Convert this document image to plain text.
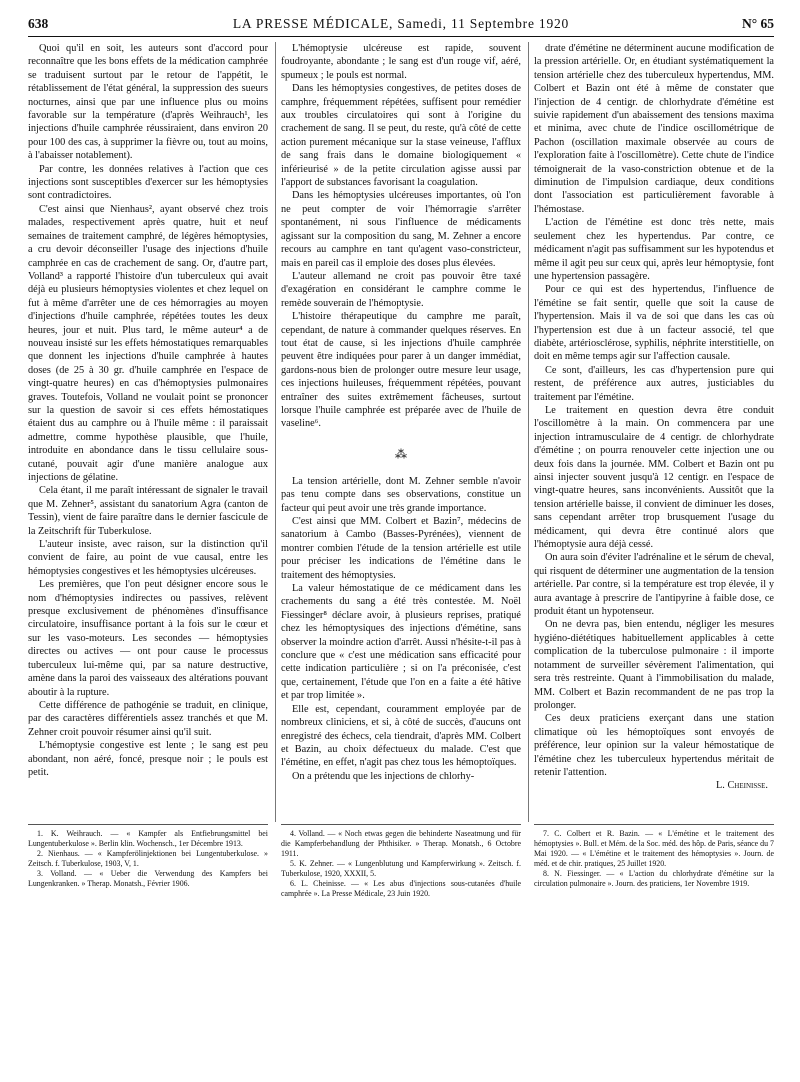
638	LA PRESSE MÉDICALE, Samedi, 11 Septembre 1920	N° 65

Quoi qu'il en soit, les auteurs sont d'accord pour reconnaître que les bons effets de la médication camphrée se traduisent surtout par le retour de l'appétit, le rétablissement de l'état général, la suppression des sueurs nocturnes, ainsi que par une influence plus ou moins favorable sur la température (d'après Weihrauch¹, les injections d'huile camphrée réussiraient, dans environ 20 pour 100 des cas, à supprimer la fièvre ou, tout au moins, à l'abaisser notablement).

Par contre, les données relatives à l'action que ces injections sont susceptibles d'exercer sur les hémoptysies sont contradictoires.

C'est ainsi que Nienhaus², ayant observé chez trois malades, respectivement après quatre, huit et neuf semaines de traitement camphré, de légères hémoptysies, a cru devoir déconseiller l'usage des injections d'huile camphrée en cas de crachement de sang. Or, d'autre part, Volland³ a rapporté l'histoire d'un tuberculeux qui avait déjà eu plusieurs hémoptysies violentes et chez lequel on fut à même d'arrêter une de ces hémorragies au moyen d'injections d'huile camphrée, répétées toutes les deux heures, jour et nuit. Plus tard, le même auteur⁴ a de nouveau insisté sur les effets hémostatiques remarquables que donnent les injections d'huile camphrée à hautes doses (de 25 à 30 gr. d'huile camphrée en l'espace de vingt-quatre heures) en cas d'hémoptysies pulmonaires graves. Toutefois, Volland ne voulait point se prononcer sur la question de savoir si ces effets hémostatiques étaient dus au camphre ou à l'huile même : il paraissait admettre, comme hypothèse plausible, que l'huile, introduite en abondance dans le tissu cellulaire sous-cutané, pouvait agir d'une manière analogue aux injections de gélatine.

Cela étant, il me paraît intéressant de signaler le travail que M. Zehner⁵, assistant du sanatorium Agra (canton de Tessin), vient de faire paraître dans le dernier fascicule de la Zeitschrift für Tuberkulose.

L'auteur insiste, avec raison, sur la distinction qu'il convient de faire, au point de vue causal, entre les hémoptysies congestives et les hémoptysies ulcéreuses.

Les premières, que l'on peut désigner encore sous le nom d'hémoptysies indirectes ou passives, relèvent presque exclusivement de phénomènes d'insuffisance circulatoire, insuffisance portant à la fois sur le cœur et sur les vaso-moteurs. Les secondes — hémoptysies directes ou actives — ont pour cause le processus tuberculeux lui-même qui, par sa nature destructive, amène dans la paroi des vaisseaux des altérations pouvant aboutir à la rupture.

Cette différence de pathogénie se traduit, en clinique, par des caractères différentiels assez tranchés et que M. Zehner croit pouvoir résumer ainsi qu'il suit.

L'hémoptysie congestive est lente ; le sang est peu abondant, non aéré, foncé, presque noir ; le pouls est petit.

L'hémoptysie ulcéreuse est rapide, souvent foudroyante, abondante ; le sang est d'un rouge vif, aéré, spumeux ; le pouls est normal.

Dans les hémoptysies congestives, de petites doses de camphre, fréquemment répétées, suffisent pour remédier aux troubles circulatoires qui sont à l'origine du crachement de sang. Il se peut, du reste, qu'à côté de cette action purement mécanique sur la stase veineuse, l'afflux de sang frais dans le domaine biologiquement « inférieurisé » de la petite circulation agisse aussi par l'apport de substances favorisant la coagulation.

Dans les hémoptysies ulcéreuses importantes, où l'on ne peut compter de voir l'hémorragie s'arrêter spontanément, ni sous l'influence de médicaments agissant sur la composition du sang, M. Zehner a encore recours au camphre en tant qu'agent vaso-constricteur, mais en pareil cas il emploie des doses plus élevées.

L'auteur allemand ne croit pas pouvoir être taxé d'exagération en considérant le camphre comme le remède souverain de l'hémoptysie.

L'histoire thérapeutique du camphre me paraît, cependant, de nature à commander quelques réserves. En tout état de cause, si les injections d'huile camphrée peuvent être indiquées pour parer à un danger immédiat, gardons-nous bien de prolonger outre mesure leur usage, ces injections huileuses, fréquemment répétées, pouvant entraîner des suites extrêmement fâcheuses, surtout lorsque l'huile camphrée est préparée avec de l'huile de vaseline⁶.

⁂

La tension artérielle, dont M. Zehner semble n'avoir pas tenu compte dans ses observations, constitue un facteur qui peut avoir une très grande importance.

C'est ainsi que MM. Colbert et Bazin⁷, médecins de sanatorium à Cambo (Basses-Pyrénées), viennent de montrer combien l'étude de la tension artérielle est utile pour préciser les indications de l'émétine dans le traitement des hémoptysies.

La valeur hémostatique de ce médicament dans les crachements du sang a été très contestée. M. Noël Fiessinger⁸ déclare avoir, à plusieurs reprises, pratiqué chez les hémoptysiques des injections d'émétine, sans observer la moindre action d'arrêt. Aussi n'hésite-t-il pas à conclure que « c'est une médication sans efficacité pour cette indication particulière ; si on l'a préconisée, c'est que, certainement, l'étude que l'on en a faite a été hâtive et par trop limitée ».

Elle est, cependant, couramment employée par de nombreux cliniciens, et si, à côté de succès, d'aucuns ont enregistré des échecs, cela tiendrait, d'après MM. Colbert et Bazin, au choix défectueux du malade. C'est que l'émétine, en effet, n'agit pas chez tous les hémoptoïques.

On a prétendu que les injections de chlorhy-

drate d'émétine ne déterminent aucune modification de la pression artérielle. Or, en étudiant systématiquement la tension artérielle chez des tuberculeux hypertendus, MM. Colbert et Bazin ont été à même de constater que l'injection de 4 centigr. de chlorhydrate d'émétine est suivie rapidement d'un abaissement des tensions maxima et minima, avec chute de l'indice oscillométrique de Pachon (oscillation maximale observée au cours de l'exploration faite à l'oscillomètre). Cette chute de l'indice témoignerait de la vaso-constriction obtenue et de la diminution de l'impulsion cardiaque, deux conditions dont l'association est particulièrement favorable à l'hémostase.

L'action de l'émétine est donc très nette, mais seulement chez les hypertendus. Par contre, ce médicament n'agit pas suffisamment sur les hypotendus et même il agit peu sur ceux qui, après leur hémoptysie, font une hypertension passagère.

Pour ce qui est des hypertendus, l'influence de l'émétine se fait sentir, quelle que soit la cause de l'hypertension. Mais il va de soi que dans les cas où l'hypertension est due à un facteur associé, tel que diabète, artériosclérose, syphilis, néphrite interstitielle, on doit en même temps agir sur l'affection causale.

Ce sont, d'ailleurs, les cas d'hypertension pure qui restent, de préférence aux autres, justiciables du traitement par l'émétine.

Le traitement en question devra être conduit l'oscillomètre à la main. On commencera par une injection intramusculaire de 4 centigr. de chlorhydrate d'émétine ; on pourra renouveler cette injection une ou deux fois dans la journée. MM. Colbert et Bazin ont pu ainsi injecter souvent jusqu'à 12 centigr. en l'espace de vingt-quatre heures, sans inconvénients. Aussitôt que la tension artérielle baisse, il convient de diminuer les doses, sans cependant arrêter trop brusquement l'usage du médicament, qui devra être continué alors que l'hémoptysie aura déjà cessé.

On aura soin d'éviter l'adrénaline et le sérum de cheval, qui risquent de déterminer une augmentation de la tension artérielle. Par contre, si la température est trop élevée, il y aura avantage à prescrire de l'antipyrine à faible dose, ce produit étant un hypotenseur.

On ne devra pas, bien entendu, négliger les mesures hygiéno-diététiques habituellement applicables à cette complication de la tuberculose pulmonaire : il importe notamment de surveiller sévèrement l'alimentation, qui sera très restreinte. Quant à l'immobilisation du malade, MM. Colbert et Bazin recommandent de ne pas trop la prolonger.

Ces deux praticiens exerçant dans une station climatique où les hémoptoïques sont envoyés de préférence, leur opinion sur la valeur hémostatique de l'émétine chez les tuberculeux hypertendus méritait de retenir l'attention.

L. Cheinisse.

1. K. Weihrauch. — « Kampfer als Entfiebrungsmittel bei Lungentuberkulose ». Berlin klin. Wochensch., 1er Décembre 1913.

2. Nienhaus. — « Kampferölinjektionen bei Lungentuberkulose. » Zeitsch. f. Tuberkulose, 1903, V, 1.

3. Volland. — « Ueber die Verwendung des Kampfers bei Lungenkranken. » Therap. Monatsh., Février 1906.

4. Volland. — « Noch etwas gegen die behinderte Naseatmung und für die Kampferbehandlung der Phthisiker. » Therap. Monatsh., 6 Octobre 1911.

5. K. Zehner. — « Lungenblutung und Kampferwirkung ». Zeitsch. f. Tuberkulose, 1920, XXXII, 5.

6. L. Cheinisse. — « Les abus d'injections sous-cutanées d'huile camphrée ». La Presse Médicale, 23 Juin 1920.

7. C. Colbert et R. Bazin. — « L'émétine et le traitement des hémoptysies ». Bull. et Mém. de la Soc. méd. des hôp. de Paris, séance du 7 Mai 1920. — « L'émétine et le traitement des hémoptysies ». Journ. de méd. et de chir. pratiques, 25 Juillet 1920.

8. N. Fiessinger. — « L'action du chlorhydrate d'émétine sur la circulation pulmonaire ». Journ. des praticiens, 1er Novembre 1919.
